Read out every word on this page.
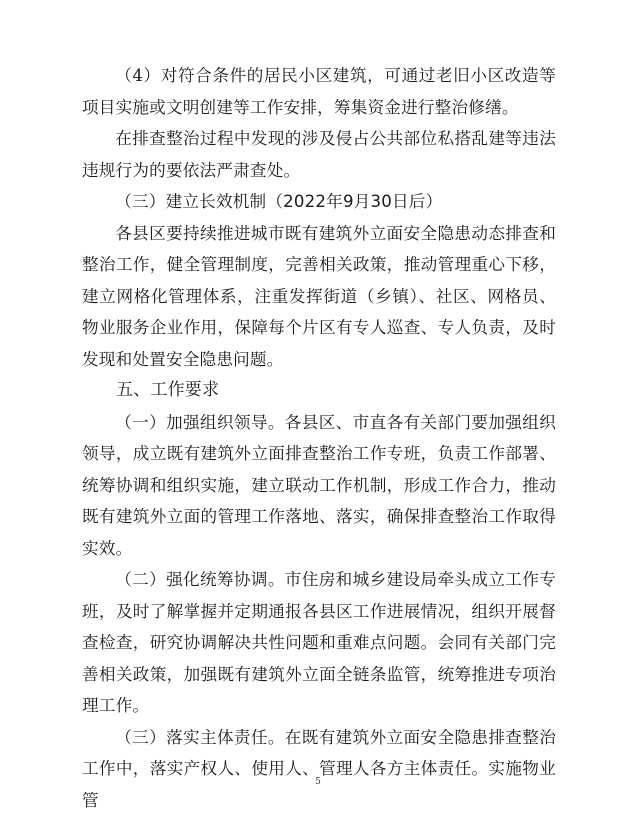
（4）对符合条件的居民小区建筑，可通过老旧小区改造等项目实施或文明创建等工作安排，筹集资金进行整治修缮。

在排查整治过程中发现的涉及侵占公共部位私搭乱建等违法违规行为的要依法严肃查处。

（三）建立长效机制（2022年9月30日后）

各县区要持续推进城市既有建筑外立面安全隐患动态排查和整治工作，健全管理制度，完善相关政策，推动管理重心下移，建立网格化管理体系，注重发挥街道（乡镇）、社区、网格员、物业服务企业作用，保障每个片区有专人巡查、专人负责，及时发现和处置安全隐患问题。

五、工作要求

（一）加强组织领导。各县区、市直各有关部门要加强组织领导，成立既有建筑外立面排查整治工作专班，负责工作部署、统筹协调和组织实施，建立联动工作机制，形成工作合力，推动既有建筑外立面的管理工作落地、落实，确保排查整治工作取得实效。

（二）强化统筹协调。市住房和城乡建设局牵头成立工作专班，及时了解掌握并定期通报各县区工作进展情况，组织开展督查检查，研究协调解决共性问题和重难点问题。会同有关部门完善相关政策，加强既有建筑外立面全链条监管，统筹推进专项治理工作。

（三）落实主体责任。在既有建筑外立面安全隐患排查整治工作中，落实产权人、使用人、管理人各方主体责任。实施物业管

5
